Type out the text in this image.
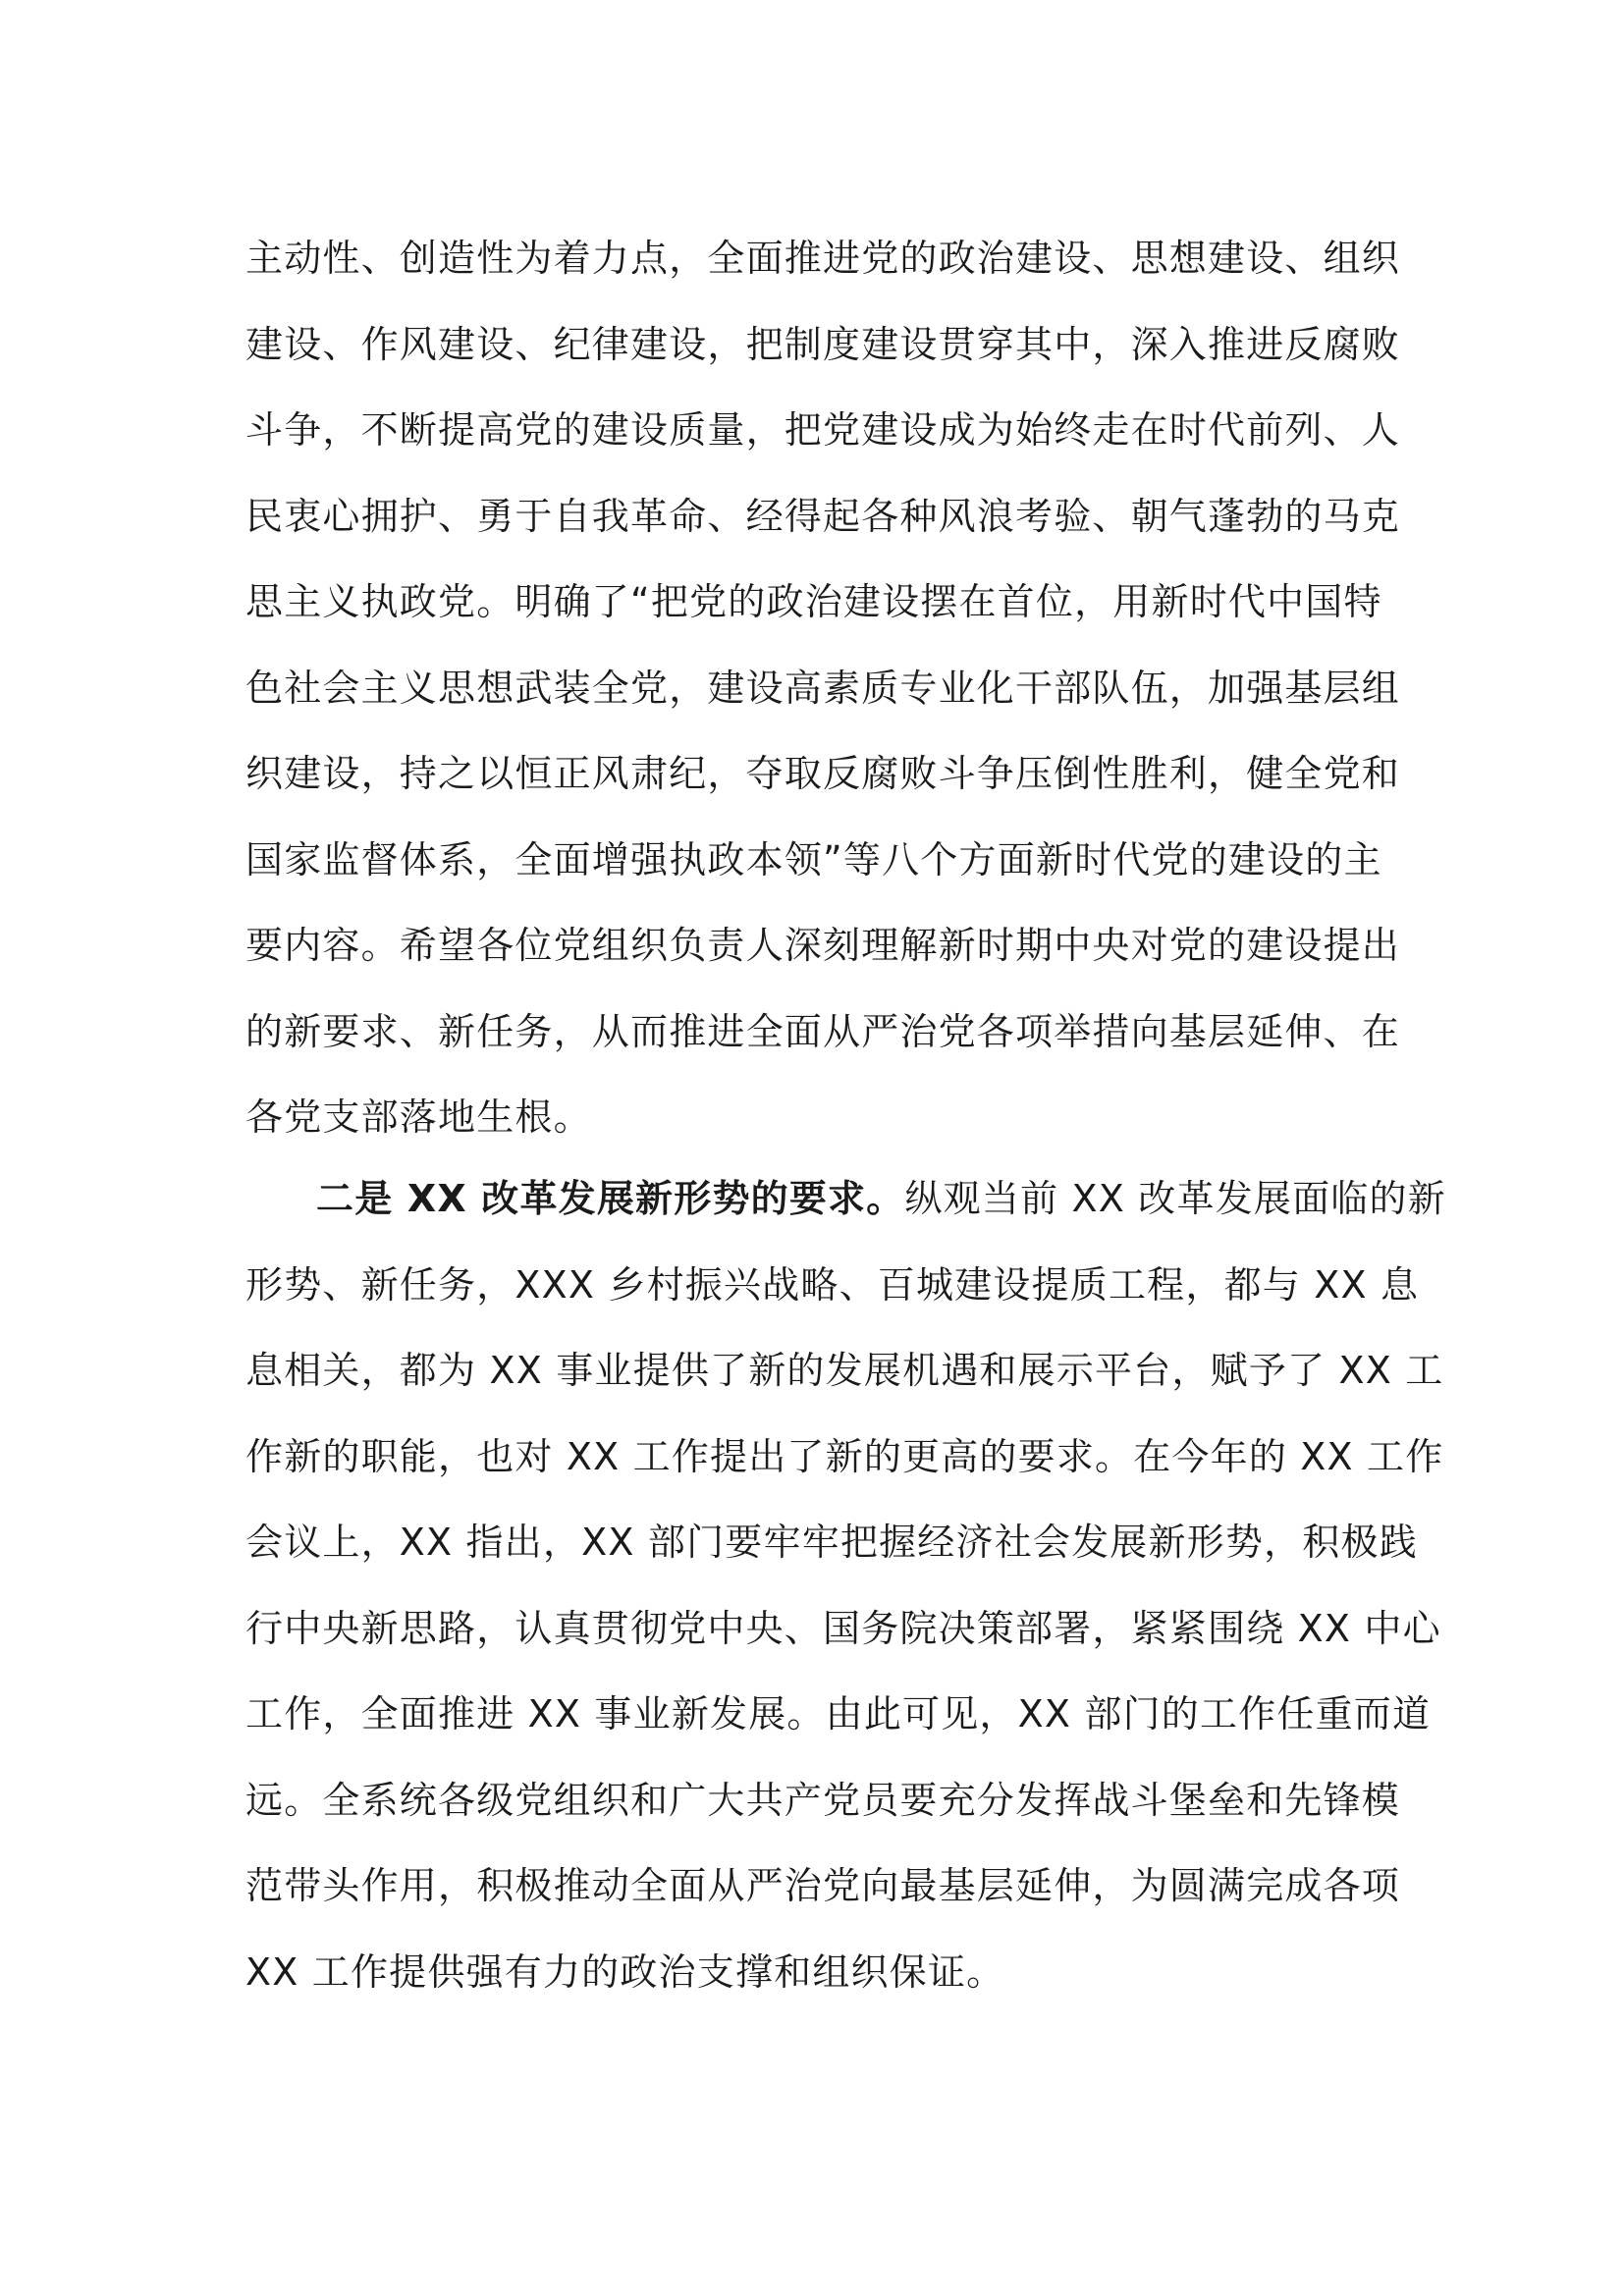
主动性、创造性为着力点，全面推进党的政治建设、思想建设、组织
建设、作风建设、纪律建设，把制度建设贯穿其中，深入推进反腐败
斗争，不断提高党的建设质量，把党建设成为始终走在时代前列、人
民衷心拥护、勇于自我革命、经得起各种风浪考验、朝气蓬勃的马克
思主义执政党。明确了“把党的政治建设摆在首位，用新时代中国特
色社会主义思想武装全党，建设高素质专业化干部队伍，加强基层组
织建设，持之以恒正风肃纪，夺取反腐败斗争压倒性胜利，健全党和
国家监督体系，全面增强执政本领”等八个方面新时代党的建设的主
要内容。希望各位党组织负责人深刻理解新时期中央对党的建设提出
的新要求、新任务，从而推进全面从严治党各项举措向基层延伸、在
各党支部落地生根。
二是 XX 改革发展新形势的要求。纵观当前 XX 改革发展面临的新
形势、新任务，XXX 乡村振兴战略、百城建设提质工程，都与 XX 息
息相关，都为 XX 事业提供了新的发展机遇和展示平台，赋予了 XX 工
作新的职能，也对 XX 工作提出了新的更高的要求。在今年的 XX 工作
会议上，XX 指出，XX 部门要牢牢把握经济社会发展新形势，积极践
行中央新思路，认真贯彻党中央、国务院决策部署，紧紧围绕 XX 中心
工作，全面推进 XX 事业新发展。由此可见，XX 部门的工作任重而道
远。全系统各级党组织和广大共产党员要充分发挥战斗堡垒和先锋模
范带头作用，积极推动全面从严治党向最基层延伸，为圆满完成各项
XX 工作提供强有力的政治支撑和组织保证。
